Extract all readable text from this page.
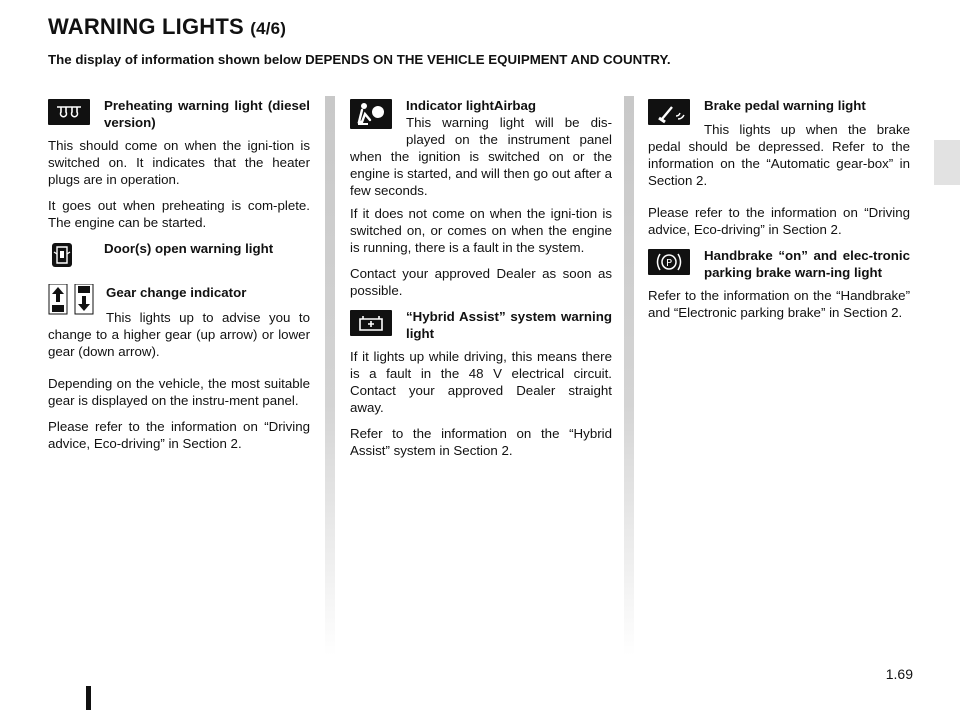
WARNING LIGHTS (4/6)

The display of information shown below DEPENDS ON THE VEHICLE EQUIPMENT AND COUNTRY.

Preheating warning light (diesel version)

This should come on when the igni-tion is switched on. It indicates that the heater plugs are in operation.

It goes out when preheating is com-plete. The engine can be started.

Door(s) open warning light
Gear change indicator

This lights up to advise you to change to a higher gear (up arrow) or lower gear (down arrow).

Depending on the vehicle, the most suitable gear is displayed on the instru-ment panel.

Please refer to the information on “Driving advice, Eco-driving” in Section 2.

Indicator lightAirbag
This warning light will be dis-played on the instrument panel when the ignition is switched on or the engine is started, and will then go out after a few seconds.

If it does not come on when the igni-tion is switched on, or comes on when the engine is running, there is a fault in the system.

Contact your approved Dealer as soon as possible.

“Hybrid Assist” system warning light

If it lights up while driving, this means there is a fault in the 48 V electrical circuit. Contact your approved Dealer straight away.

Refer to the information on the “Hybrid Assist” system in Section 2.

Brake pedal warning light

This lights up when the brake pedal should be depressed. Refer to the information on the “Automatic gear-box” in Section 2.

Please refer to the information on “Driving advice, Eco-driving” in Section 2.

P
Handbrake “on” and elec-tronic parking brake warn-ing light

Refer to the information on the “Handbrake” and “Electronic parking brake” in Section 2.

1.69
